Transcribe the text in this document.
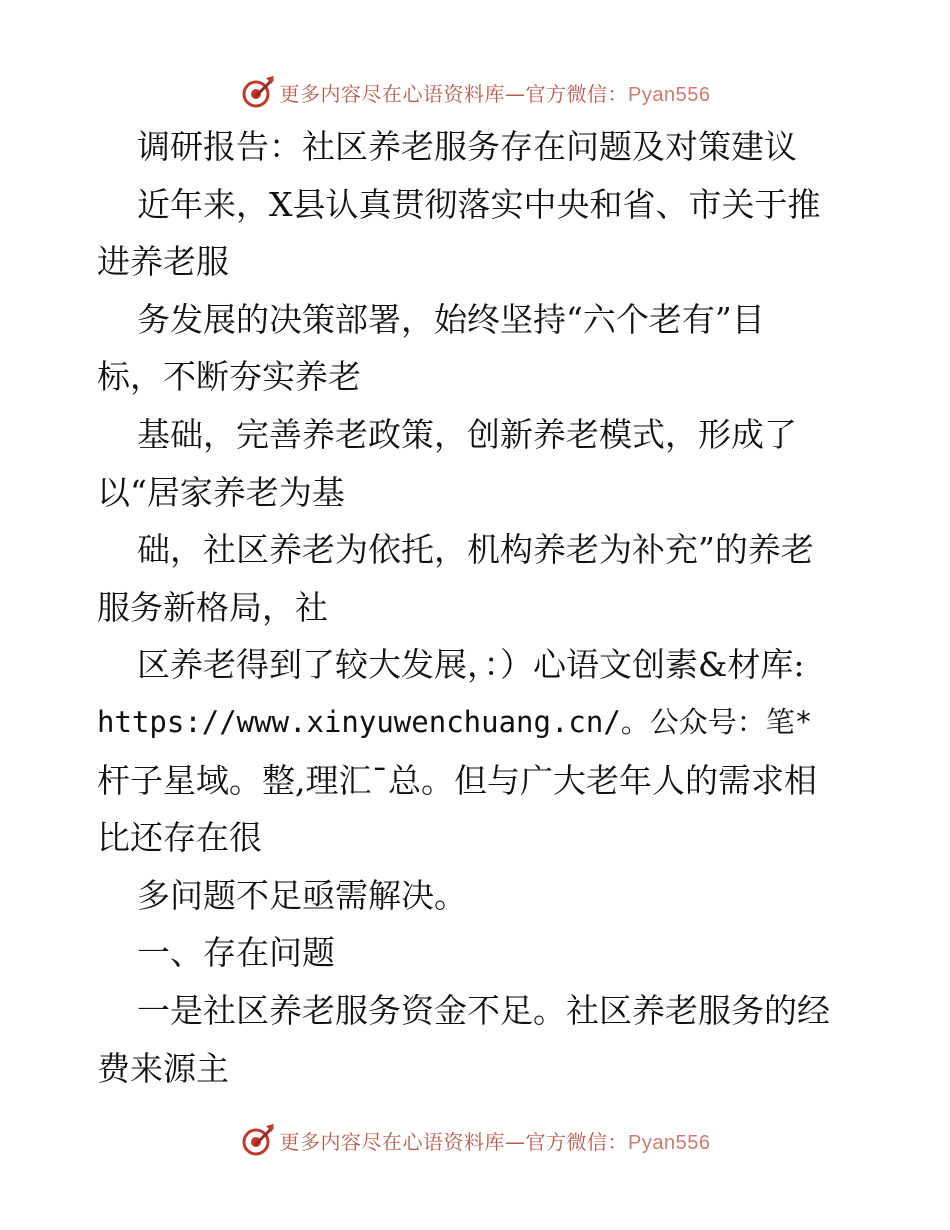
更多内容尽在心语资料库—官方微信：Pyan556
调研报告：社区养老服务存在问题及对策建议
近年来，X县认真贯彻落实中央和省、市关于推
进养老服
务发展的决策部署，始终坚持“六个老有”目
标，不断夯实养老
基础，完善养老政策，创新养老模式，形成了
以“居家养老为基
础，社区养老为依托，机构养老为补充”的养老
服务新格局，社
区养老得到了较大发展，：）心语文创素&材库:
https://www.xinyuwenchuang.cn/。公众号：笔*
杆子星域。整,理汇¯总。但与广大老年人的需求相
比还存在很
多问题不足亟需解决。
一、存在问题
一是社区养老服务资金不足。社区养老服务的经
费来源主
更多内容尽在心语资料库—官方微信：Pyan556
